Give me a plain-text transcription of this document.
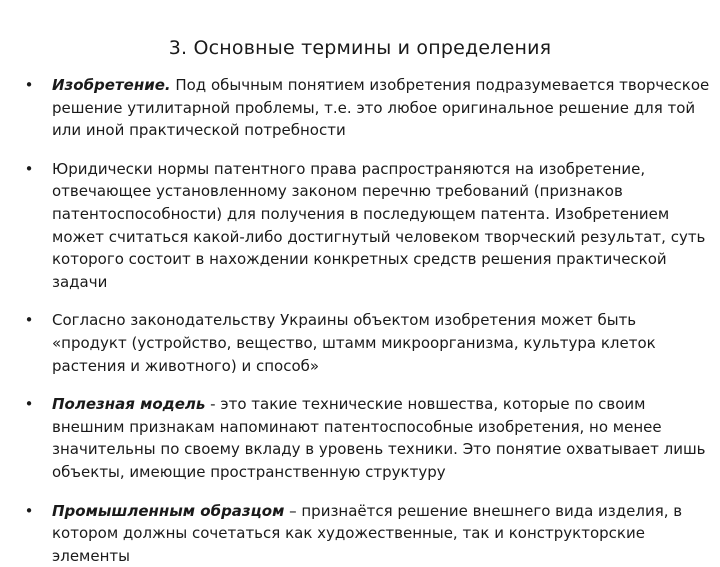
3. Основные термины и определения
• Изобретение. Под обычным понятием изобретения подразумевается творческое решение утилитарной проблемы, т.е. это любое оригинальное решение для той или иной практической потребности
• Юридически нормы патентного права распространяются на изобретение, отвечающее установленному законом перечню требований (признаков патентоспособности) для получения в последующем патента. Изобретением может считаться какой-либо достигнутый человеком творческий результат, суть которого состоит в нахождении конкретных средств решения практической задачи
• Согласно законодательству Украины объектом изобретения может быть «продукт (устройство, вещество, штамм микроорганизма, культура клеток растения и животного) и способ»
• Полезная модель - это такие технические новшества, которые по своим внешним признакам напоминают патентоспособные изобретения, но менее значительны по своему вкладу в уровень техники. Это понятие охватывает лишь объекты, имеющие пространственную структуру
• Промышленным образцом – признаётся решение внешнего вида изделия, в котором должны сочетаться как художественные, так и конструкторские элементы
